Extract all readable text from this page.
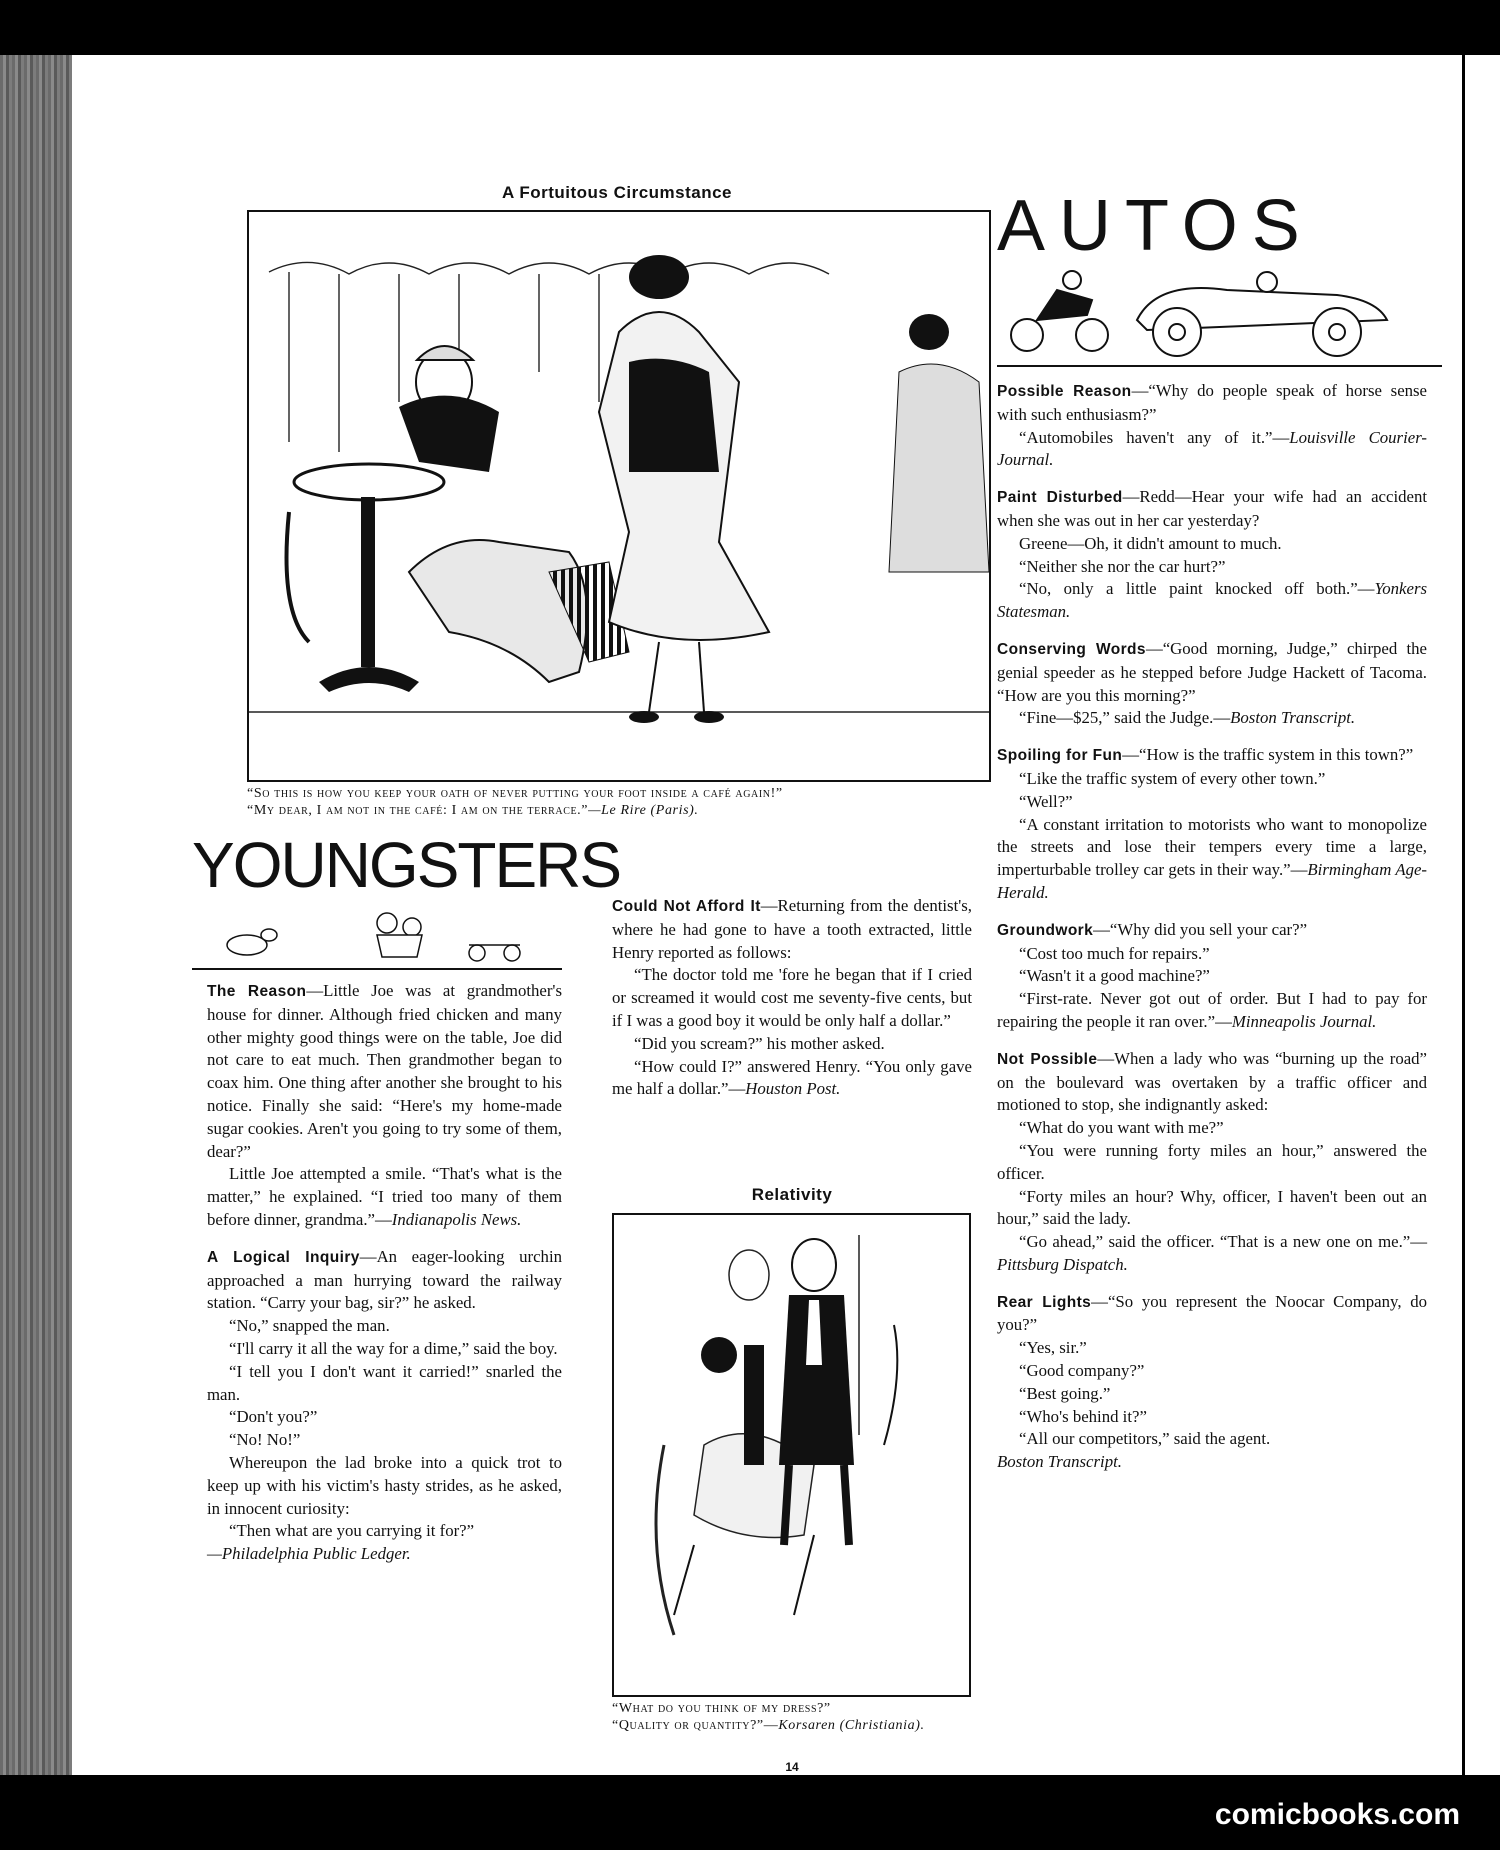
A Fortuitous Circumstance
“So this is how you keep your oath of never putting your foot inside a café again!”
“My dear, I am not in the café: I am on the terrace.”—Le Rire (Paris).
YOUNGSTERS

The Reason—Little Joe was at grandmother's house for dinner. Although fried chicken and many other mighty good things were on the table, Joe did not care to eat much. Then grandmother began to coax him. One thing after another she brought to his notice. Finally she said: “Here's my home-made sugar cookies. Aren't you going to try some of them, dear?”

Little Joe attempted a smile. “That's what is the matter,” he explained. “I tried too many of them before dinner, grandma.”—Indianapolis News.

A Logical Inquiry—An eager-looking urchin approached a man hurrying toward the railway station. “Carry your bag, sir?” he asked.

“No,” snapped the man.

“I'll carry it all the way for a dime,” said the boy.

“I tell you I don't want it carried!” snarled the man.

“Don't you?”

“No! No!”

Whereupon the lad broke into a quick trot to keep up with his victim's hasty strides, as he asked, in innocent curiosity:

“Then what are you carrying it for?”

—Philadelphia Public Ledger.

Could Not Afford It—Returning from the dentist's, where he had gone to have a tooth extracted, little Henry reported as follows:

“The doctor told me 'fore he began that if I cried or screamed it would cost me seventy-five cents, but if I was a good boy it would be only half a dollar.”

“Did you scream?” his mother asked.

“How could I?” answered Henry. “You only gave me half a dollar.”—Houston Post.

Relativity
“What do you think of my dress?”
“Quality or quantity?”—Korsaren (Christiania).
14
AUTOS

Possible Reason—“Why do people speak of horse sense with such enthusiasm?”

“Automobiles haven't any of it.”—Louisville Courier-Journal.

Paint Disturbed—Redd—Hear your wife had an accident when she was out in her car yesterday?

Greene—Oh, it didn't amount to much.

“Neither she nor the car hurt?”

“No, only a little paint knocked off both.”—Yonkers Statesman.

Conserving Words—“Good morning, Judge,” chirped the genial speeder as he stepped before Judge Hackett of Tacoma. “How are you this morning?”

“Fine—$25,” said the Judge.—Boston Transcript.

Spoiling for Fun—“How is the traffic system in this town?”

“Like the traffic system of every other town.”

“Well?”

“A constant irritation to motorists who want to monopolize the streets and lose their tempers every time a large, imperturbable trolley car gets in their way.”—Birmingham Age-Herald.

Groundwork—“Why did you sell your car?”

“Cost too much for repairs.”

“Wasn't it a good machine?”

“First-rate. Never got out of order. But I had to pay for repairing the people it ran over.”—Minneapolis Journal.

Not Possible—When a lady who was “burning up the road” on the boulevard was overtaken by a traffic officer and motioned to stop, she indignantly asked:

“What do you want with me?”

“You were running forty miles an hour,” answered the officer.

“Forty miles an hour? Why, officer, I haven't been out an hour,” said the lady.

“Go ahead,” said the officer. “That is a new one on me.”—Pittsburg Dispatch.

Rear Lights—“So you represent the Noocar Company, do you?”

“Yes, sir.”

“Good company?”

“Best going.”

“Who's behind it?”

“All our competitors,” said the agent.

Boston Transcript.

comicbooks.com
